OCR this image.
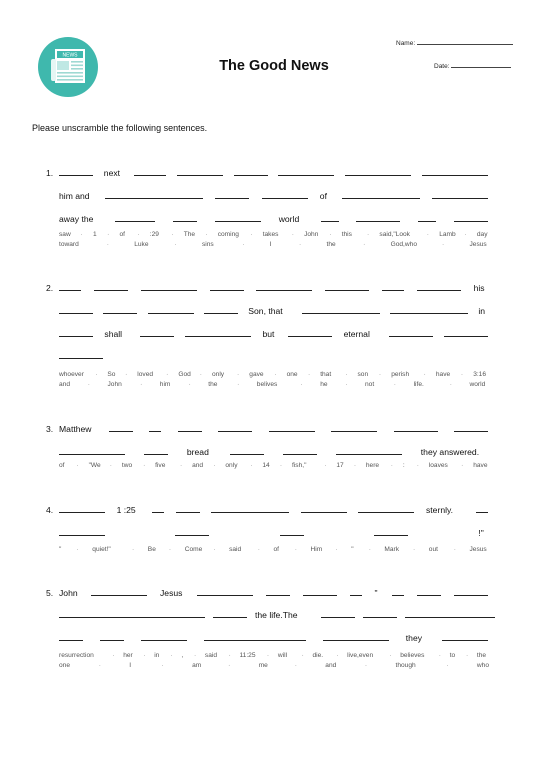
NEWS
The Good News
Name:
Date:
Please unscramble the following sentences.
1.	next
him and	of
away the	world
saw · 1 · of · :29 · The · coming · takes · John · this · said,"Look	· Lamb · day
toward	·	Luke	·	sins	·	I	·	the	·	God,who	·	Jesus
2.	his
Son, that	in
shall	but	eternal
whoever · So · loved · God · only · gave · one · that · son · perish · have · 3:16
and	·	John	·	him	·	the	·	belives	·	he	·	not	·	life.	·	world
3. Matthew
bread	they answered.
of · "We · two · five · and · only · 14 · fish,"	· 17 · here · : · loaves · have
4.	1 :25	sternly.
!"
" · quiet!"	· Be · Come · said · of · Him · " · Mark · out · Jesus
5. John	Jesus	"
the life.The
they
resurrection	· her · in · , · said · 11:25 · will · die. · live,even · believes · to · the
one	·	I	·	am	·	me	·	and	·	though	·	who
